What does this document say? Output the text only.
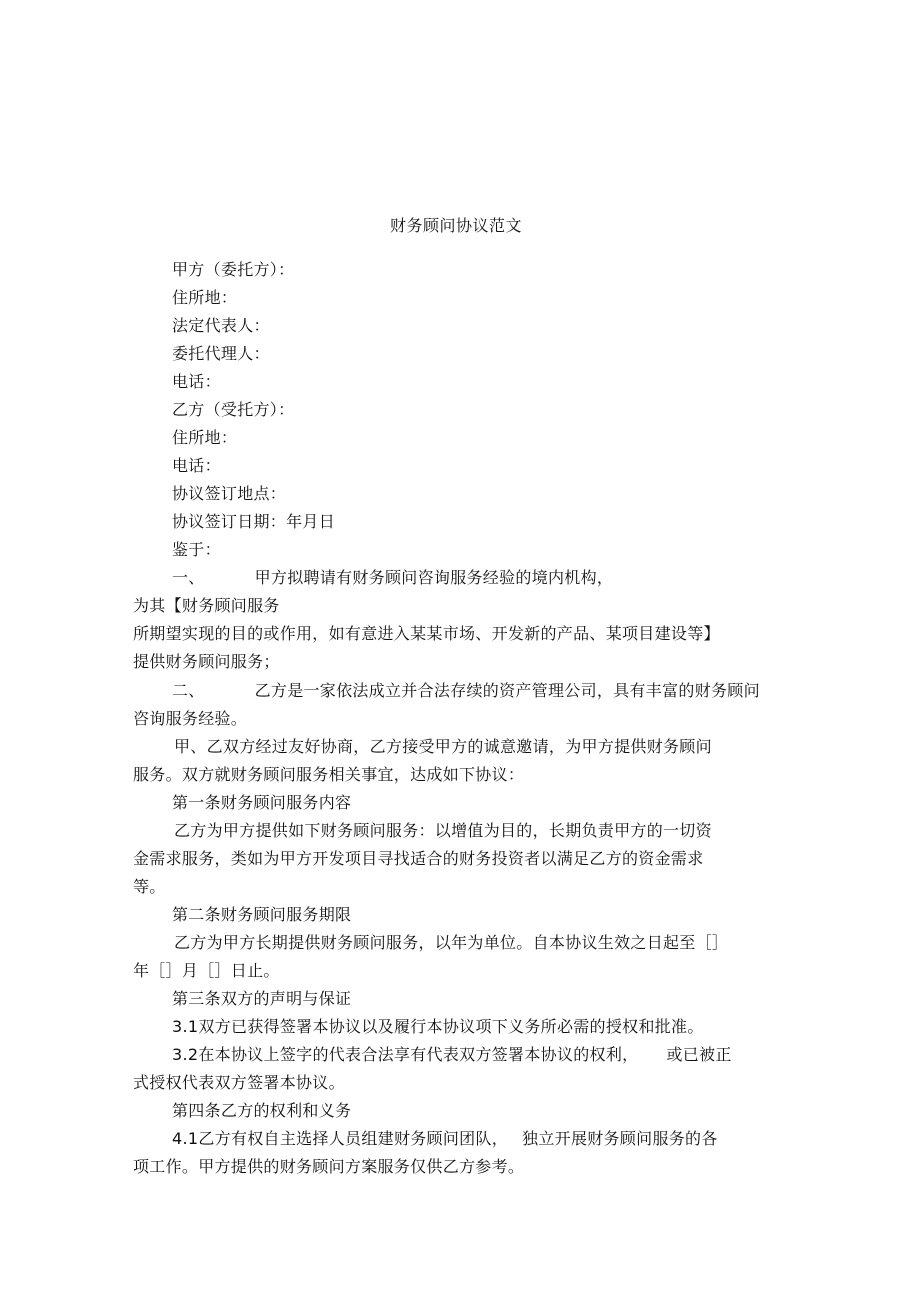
财务顾问协议范文
甲方（委托方）：
住所地：
法定代表人：
委托代理人：
电话：
乙方（受托方）：
住所地：
电话：
协议签订地点：
协议签订日期：年月日
鉴于：
一、	甲方拟聘请有财务顾问咨询服务经验的境内机构，
为其【财务顾问服务
所期望实现的目的或作用，如有意进入某某市场、开发新的产品、某项目建设等】
提供财务顾问服务；
二、	乙方是一家依法成立并合法存续的资产管理公司，具有丰富的财务顾问
咨询服务经验。
甲、乙双方经过友好协商，乙方接受甲方的诚意邀请，为甲方提供财务顾问
服务。双方就财务顾问服务相关事宜，达成如下协议：
第一条财务顾问服务内容
乙方为甲方提供如下财务顾问服务：以增值为目的，长期负责甲方的一切资
金需求服务，类如为甲方开发项目寻找适合的财务投资者以满足乙方的资金需求
等。
第二条财务顾问服务期限
乙方为甲方长期提供财务顾问服务，以年为单位。自本协议生效之日起至［］
年［］月［］日止。
第三条双方的声明与保证
3.1双方已获得签署本协议以及履行本协议项下义务所必需的授权和批准。
3.2在本协议上签字的代表合法享有代表双方签署本协议的权利， 或已被正
式授权代表双方签署本协议。
第四条乙方的权利和义务
4.1乙方有权自主选择人员组建财务顾问团队， 独立开展财务顾问服务的各
项工作。甲方提供的财务顾问方案服务仅供乙方参考。
